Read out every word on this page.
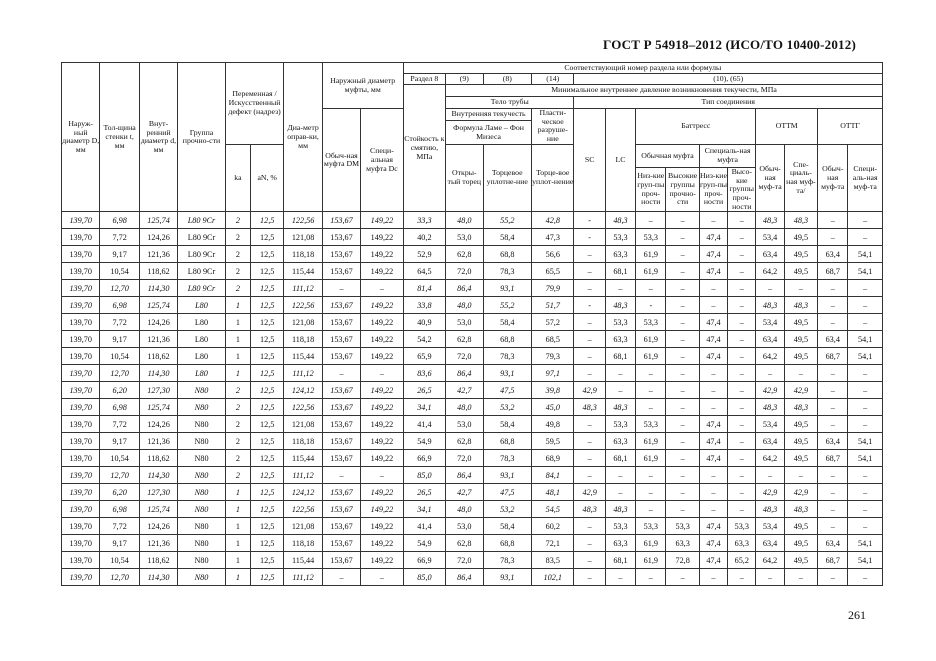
ГОСТ Р 54918–2012 (ИСО/ТО 10400-2012)
Наруж-ный диаметр D, мм	Тол-щина стенки t, мм	Внут-ренний диаметр d, мм	Группа прочно-сти	Переменная /Искусственный дефект (надрез)		Диа-метр оправ-ки, мм	Наружный диаметр муфты, мм		Соответствующий номер раздела или формулы													
									Раздел 8	(9)	(8)	(14)	(10), (65)									
									Стойкость к смятию, МПа	Минимальное внутреннее давление возникновения текучести, МПа												
										Тело трубы			Тип соединения									
							Обыч-ная муфта DM	Специ-альная муфта Dc		Внутренняя текучесть		Пласти-ческое разруше-ние	SC	LC	Баттресс				ОТТМ		ОТТГ	
										Формула Ламе – Фон Мизеса												
				kа	aN, %					Откры-тый торец	Торцевое уплотне-ние	Торце-вое уплот-нение			Обычная муфта		Специаль-ная муфта		Обыч-ная муф-та	Спе-циаль-ная муф-та/	Обыч-ная муф-та	Специ-аль-ная муф-та
															Низ-кие груп-пы проч-ности	Высокие группы прочно-сти	Низ-кие груп-пы проч-ности	Высо-кие группы проч-ности				
139,70	6,98	125,74	L80 9Cr	2	12,5	122,56	153,67	149,22	33,3	48,0	55,2	42,8	-	48,3	–	–	–	–	48,3	48,3	–	–
139,70	7,72	124,26	L80 9Cr	2	12,5	121,08	153,67	149,22	40,2	53,0	58,4	47,3	-	53,3	53,3	–	47,4	–	53,4	49,5	–	–
139,70	9,17	121,36	L80 9Cr	2	12,5	118,18	153,67	149,22	52,9	62,8	68,8	56,6	–	63,3	61,9	–	47,4	–	63,4	49,5	63,4	54,1
139,70	10,54	118,62	L80 9Cr	2	12,5	115,44	153,67	149,22	64,5	72,0	78,3	65,5	–	68,1	61,9	–	47,4	–	64,2	49,5	68,7	54,1
139,70	12,70	114,30	L80 9Cr	2	12,5	111,12	–	–	81,4	86,4	93,1	79,9	–	–	–	–	–	–	–	–	–	–
139,70	6,98	125,74	L80	1	12,5	122,56	153,67	149,22	33,8	48,0	55,2	51,7	-	48,3	-	–	–	–	48,3	48,3	–	–
139,70	7,72	124,26	L80	1	12,5	121,08	153,67	149,22	40,9	53,0	58,4	57,2	–	53,3	53,3	–	47,4	–	53,4	49,5	–	–
139,70	9,17	121,36	L80	1	12,5	118,18	153,67	149,22	54,2	62,8	68,8	68,5	–	63,3	61,9	–	47,4	–	63,4	49,5	63,4	54,1
139,70	10,54	118,62	L80	1	12,5	115,44	153,67	149,22	65,9	72,0	78,3	79,3	–	68,1	61,9	–	47,4	–	64,2	49,5	68,7	54,1
139,70	12,70	114,30	L80	1	12,5	111,12	–	–	83,6	86,4	93,1	97,1	–	–	–	–	–	–	–	–	–	–
139,70	6,20	127,30	N80	2	12,5	124,12	153,67	149,22	26,5	42,7	47,5	39,8	42,9	–	–	–	–	–	42,9	42,9	–	–
139,70	6,98	125,74	N80	2	12,5	122,56	153,67	149,22	34,1	48,0	53,2	45,0	48,3	48,3	–	–	–	–	48,3	48,3	–	–
139,70	7,72	124,26	N80	2	12,5	121,08	153,67	149,22	41,4	53,0	58,4	49,8	–	53,3	53,3	–	47,4	–	53,4	49,5	–	–
139,70	9,17	121,36	N80	2	12,5	118,18	153,67	149,22	54,9	62,8	68,8	59,5	–	63,3	61,9	–	47,4	–	63,4	49,5	63,4	54,1
139,70	10,54	118,62	N80	2	12,5	115,44	153,67	149,22	66,9	72,0	78,3	68,9	–	68,1	61,9	–	47,4	–	64,2	49,5	68,7	54,1
139,70	12,70	114,30	N80	2	12,5	111,12	–	–	85,0	86,4	93,1	84,1	–	–	–	–	–	–	–	–	–	–
139,70	6,20	127,30	N80	1	12,5	124,12	153,67	149,22	26,5	42,7	47,5	48,1	42,9	–	–	–	–	–	42,9	42,9	–	–
139,70	6,98	125,74	N80	1	12,5	122,56	153,67	149,22	34,1	48,0	53,2	54,5	48,3	48,3	–	–	–	–	48,3	48,3	–	–
139,70	7,72	124,26	N80	1	12,5	121,08	153,67	149,22	41,4	53,0	58,4	60,2	–	53,3	53,3	53,3	47,4	53,3	53,4	49,5	–	–
139,70	9,17	121,36	N80	1	12,5	118,18	153,67	149,22	54,9	62,8	68,8	72,1	–	63,3	61,9	63,3	47,4	63,3	63,4	49,5	63,4	54,1
139,70	10,54	118,62	N80	1	12,5	115,44	153,67	149,22	66,9	72,0	78,3	83,5	–	68,1	61,9	72,8	47,4	65,2	64,2	49,5	68,7	54,1
139,70	12,70	114,30	N80	1	12,5	111,12	–	–	85,0	86,4	93,1	102,1	–	–	–	–	–	–	–	–	–	–
261
